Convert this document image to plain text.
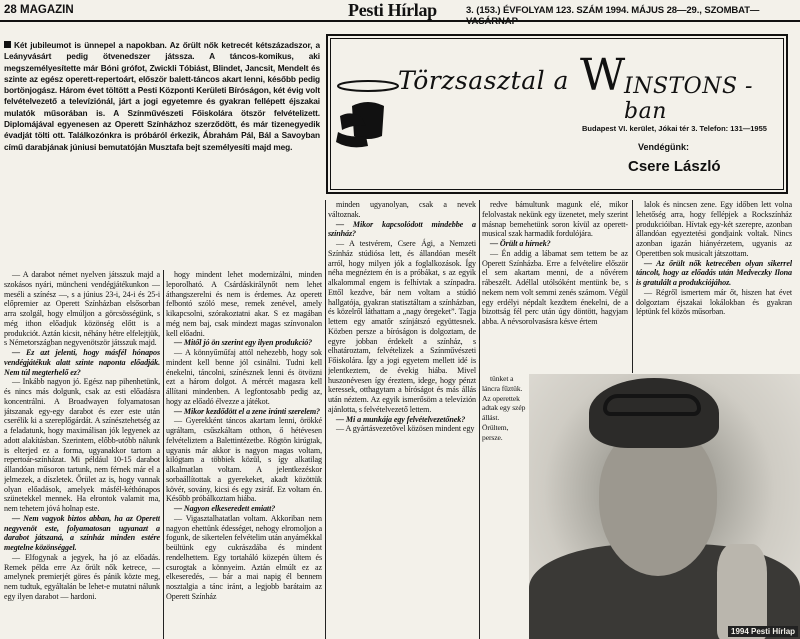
28 MAGAZIN	Pesti Hírlap	3. (153.) ÉVFOLYAM 123. SZÁM 1994. MÁJUS 28—29., SZOMBAT—VASÁRNAP
Két jubileumot is ünnepel a napokban. Az őrült nők ketrecét kétszázadszor, a Leányvásárt pedig ötvenedszer játssza. A táncos-komikus, aki megszemélyesítette már Bóni grófot, Zwickli Tóbiást, Blindet, Jancsit, Mendelt és szinte az egész operett-repertoárt, először balett-táncos akart lenni, később pedig bortönjogász. Három évet töltött a Pesti Központi Kerületi Bíróságon, két évig volt felvételvezető a televíziónál, járt a jogi egyetemre és gyakran fellépett éjszakai mulatók műsorában is. A Színművészeti Főiskolára ötször felvételizett. Diplomájával egyenesen az Operett Színházhoz szerződött, és már tizenegyedik évadját tölti ott. Találkozónkra is próbáról érkezik, Ábrahám Pál, Bál a Savoyban című darabjának júniusi bemutatóján Musztafa bejt személyesíti majd meg.
Törzsasztal a W
INSTONS -ban
Budapest VI. kerület, Jókai tér 3. Telefon: 131—1955
Vendégünk:
Csere László

— A darabot német nyelven játsszuk majd a szokásos nyári, müncheni vendégjátékunkon — meséli a színész —, s a június 23-i, 24-i és 25-i előpremier az Operett Színházban elsősorban arra szolgál, hogy elmúljon a görcsösségünk, s még ithon előadjuk közönség előtt is a produkciót. Aztán kicsit, néhány hétre elfelejtjük, s Németországban negyvenötször játsszuk majd.

— Ez azt jelenti, hogy másfél hónapos vendégjátékuk alatt szinte naponta előadják. Nem túl megterhelő ez?

— Inkább nagyon jó. Egész nap pihenhetünk, és nincs más dolgunk, csak az esti előadásra koncentrálni. A Broadwayen folyamatosan játszanak egy-egy darabot és ezer este után cserélik ki a szereplőgárdát. A színésztehetség az a feladatunk, hogy maximálisan jók legyenek az adott alakításban. Szerintem, előbb-utóbb nálunk is elterjed ez a forma, ugyanakkor tartom a repertoár-színházat. Mi például 10-15 darabot állandóan műsoron tartunk, nem férnek már el a jelmezek, a díszletek. Őrület az is, hogy vannak olyan előadások, amelyek másfél-kéthónapos szünetekkel mennek. Ha elrontok valamit ma, nem tehetem jóvá holnap este.

— Nem vagyok biztos abban, ha az Operett negyvenöt este, folyamatosan ugyanazt a darabot játszaná, a színház minden estére megtelne közönséggel.

— Elfogynak a jegyek, ha jó az előadás. Remek példa erre Az őrült nők ketrece, — amelynek premierjét göres és pánik közte meg, nem tudtuk, egyáltalán be lehet-e mutatni nálunk egy ilyen darabot — hardoni.

hogy mindent lehet modernizálni, minden leporolható. A Csárdáskirálynőt nem lehet áthangszerelni és nem is érdemes. Az operett felbontó szóló mese, remek zenével, amely kikapcsolni, szórakoztatni akar. S ez magában még nem baj, csak mindezt magas színvonalon kell előadni.

— Mitől jó ön szerint egy ilyen produkció?

— A könnyűműfaj attól nehezebb, hogy sok mindent kell benne jól csinálni. Tudni kell énekelni, táncolni, színésznek lenni és ötvözni ezt a három dolgot. A mércét magasra kell állítani mindenben. A legfontosabb pedig az, hogy az előadó élvezze a játékot.

— Mikor kezdődött el a zene iránti szerelem?

— Gyerekként táncos akartam lenni, örökké ugráltam, csűszkáltam otthon, ő hétévesen felvételiztem a Balettintézetbe. Rögtön kirúgtak, ugyanis már akkor is nagyon magas voltam, kilógtam a többiek közül, s így alkatilag alkalmatlan voltam. A jelentkezéskor sorbaállítottak a gyerekeket, akadt közöttük kövér, sovány, kicsi és egy zsiráf. Ez voltam én. Később próbálkoztam hiába.

— Nagyon elkeseredett emiatt?

— Vigasztalhatatlan voltam. Akkoriban nem nagyon ehettünk édességet, nehogy elromoljon a fogunk, de sikertelen felvételim után anyámékkal beültünk egy cukrászdába és mindent rendelhettem. Egy tortaháló közepén ültem és csurogtak a könnyeim. Aztán elmúlt ez az elkeseredés, — bár a mai napig él bennem nosztalgia a tánc iránt, a legjobb barátaim az Operett Színház

minden ugyanolyan, csak a nevek változnak.

— Mikor kapcsolódott mindebbe a színház?

— A testvérem, Csere Ági, a Nemzeti Színház stúdiósa lett, és állandóan mesélt arról, hogy milyen jók a foglalkozások. Így néha megnéztem én is a próbákat, s az egyik alkalommal engem is felhívtak a színpadra. Ettől kezdve, bár nem voltam a stúdió hallgatója, gyakran statisztáltam a színházban, és közelről láthattam a „nagy öregeket”. Tagja lettem egy amatőr színjátszó együttesnek. Közben persze a bíróságon is dolgoztam, de egyre jobban érdekelt a színház, s elhatároztam, felvételizek a Színművészeti Főiskolára. Így a jogi egyetem mellett idé is jelentkeztem, de évekig hiába. Mivel huszonévesen így éreztem, idege, hogy pénzt keressek, otthagytam a bíróságot és más állás után néztem. Az egyik ismerősöm a televízión ajánlotta, s felvételvezető lettem.

— Mi a munkája egy felvételvezetőnek?

— A gyártásvezetővel közösen mindent egy

redve bámultunk magunk elé, mikor felolvastak nekünk egy üzenetet, mely szerint másnap bemehetünk soron kívül az operett-musical szak harmadik fordulójára.

— Örült a hírnek?

— Én addig a lábamat sem tettem be az Operett Színházba. Erre a felvételire először el sem akartam menni, de a nővérem rábeszélt. Adéllal utólsóként mentünk be, s nekem nem volt semmi zenés számom. Végül egy erdélyi népdalt kezdtem énekelni, de a bizottság fél perc után úgy döntött, hagyjam abba. A névsorolvasásra késve értem

lalok és nincsen zene. Egy időben lett volna lehetőség arra, hogy fellépjek a Rockszínház produkcióiban. Hívtak egy-két szerepre, azonban állandóan egyeztetési gondjaink voltak. Nincs azonban igazán hiányérzetem, ugyanis az Operettben sok musicalt játszottam.

— Az őrült nők ketrecében olyan sikerrel táncolt, hogy az előadás után Medveczky Ilona is gratulált a produkciójához.

— Régről ismertem már őt, hiszen hat évet dolgoztam éjszakai lokálokban és gyakran léptünk fel közös műsorban.

tünket a láncra fűztük. Az operettek adtak egy szép állást. Örültem, persze.

1994 Pesti Hírlap
